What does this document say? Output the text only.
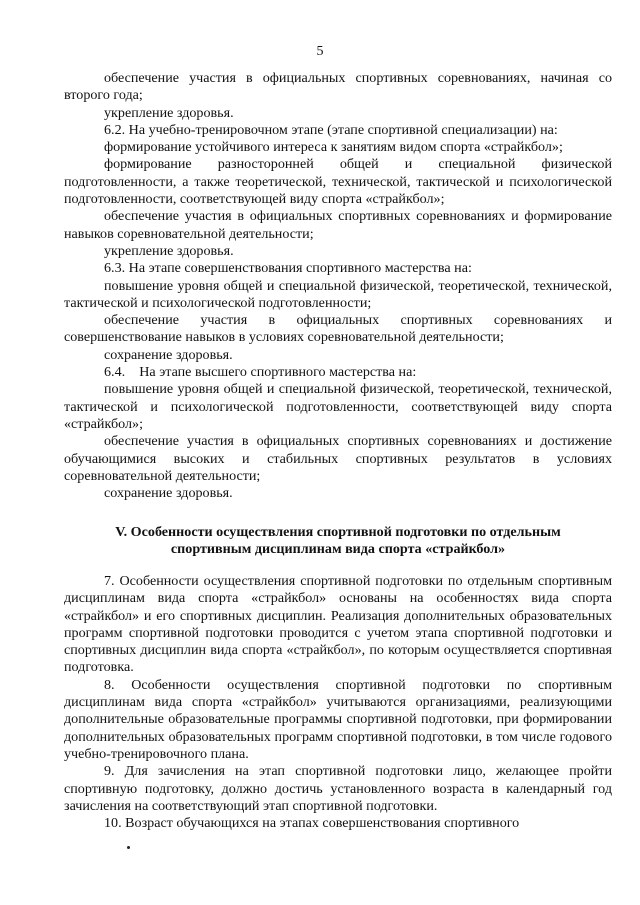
5

обеспечение участия в официальных спортивных соревнованиях, начиная со второго года;

укрепление здоровья.

6.2. На учебно-тренировочном этапе (этапе спортивной специализации) на:

формирование устойчивого интереса к занятиям видом спорта «страйкбол»;

формирование разносторонней общей и специальной физической подготовленности, а также теоретической, технической, тактической и психологической подготовленности, соответствующей виду спорта «страйкбол»;

обеспечение участия в официальных спортивных соревнованиях и формирование навыков соревновательной деятельности;

укрепление здоровья.

6.3. На этапе совершенствования спортивного мастерства на:

повышение уровня общей и специальной физической, теоретической, технической, тактической и психологической подготовленности;

обеспечение участия в официальных спортивных соревнованиях и совершенствование навыков в условиях соревновательной деятельности;

сохранение здоровья.

6.4.    На этапе высшего спортивного мастерства на:

повышение уровня общей и специальной физической, теоретической, технической, тактической и психологической подготовленности, соответствующей виду спорта «страйкбол»;

обеспечение участия в официальных спортивных соревнованиях и достижение обучающимися высоких и стабильных спортивных результатов в условиях соревновательной деятельности;

сохранение здоровья.

V. Особенности осуществления спортивной подготовки по отдельным
спортивным дисциплинам вида спорта «страйкбол»

7. Особенности осуществления спортивной подготовки по отдельным спортивным дисциплинам вида спорта «страйкбол» основаны на особенностях вида спорта «страйкбол» и его спортивных дисциплин. Реализация дополнительных образовательных программ спортивной подготовки проводится с учетом этапа спортивной подготовки и спортивных дисциплин вида спорта «страйкбол», по которым осуществляется спортивная подготовка.

8. Особенности осуществления спортивной подготовки по спортивным дисциплинам вида спорта «страйкбол» учитываются организациями, реализующими дополнительные образовательные программы спортивной подготовки, при формировании дополнительных образовательных программ спортивной подготовки, в том числе годового учебно-тренировочного плана.

9. Для зачисления на этап спортивной подготовки лицо, желающее пройти спортивную подготовку, должно достичь установленного возраста в календарный год зачисления на соответствующий этап спортивной подготовки.

10. Возраст обучающихся на этапах совершенствования спортивного
